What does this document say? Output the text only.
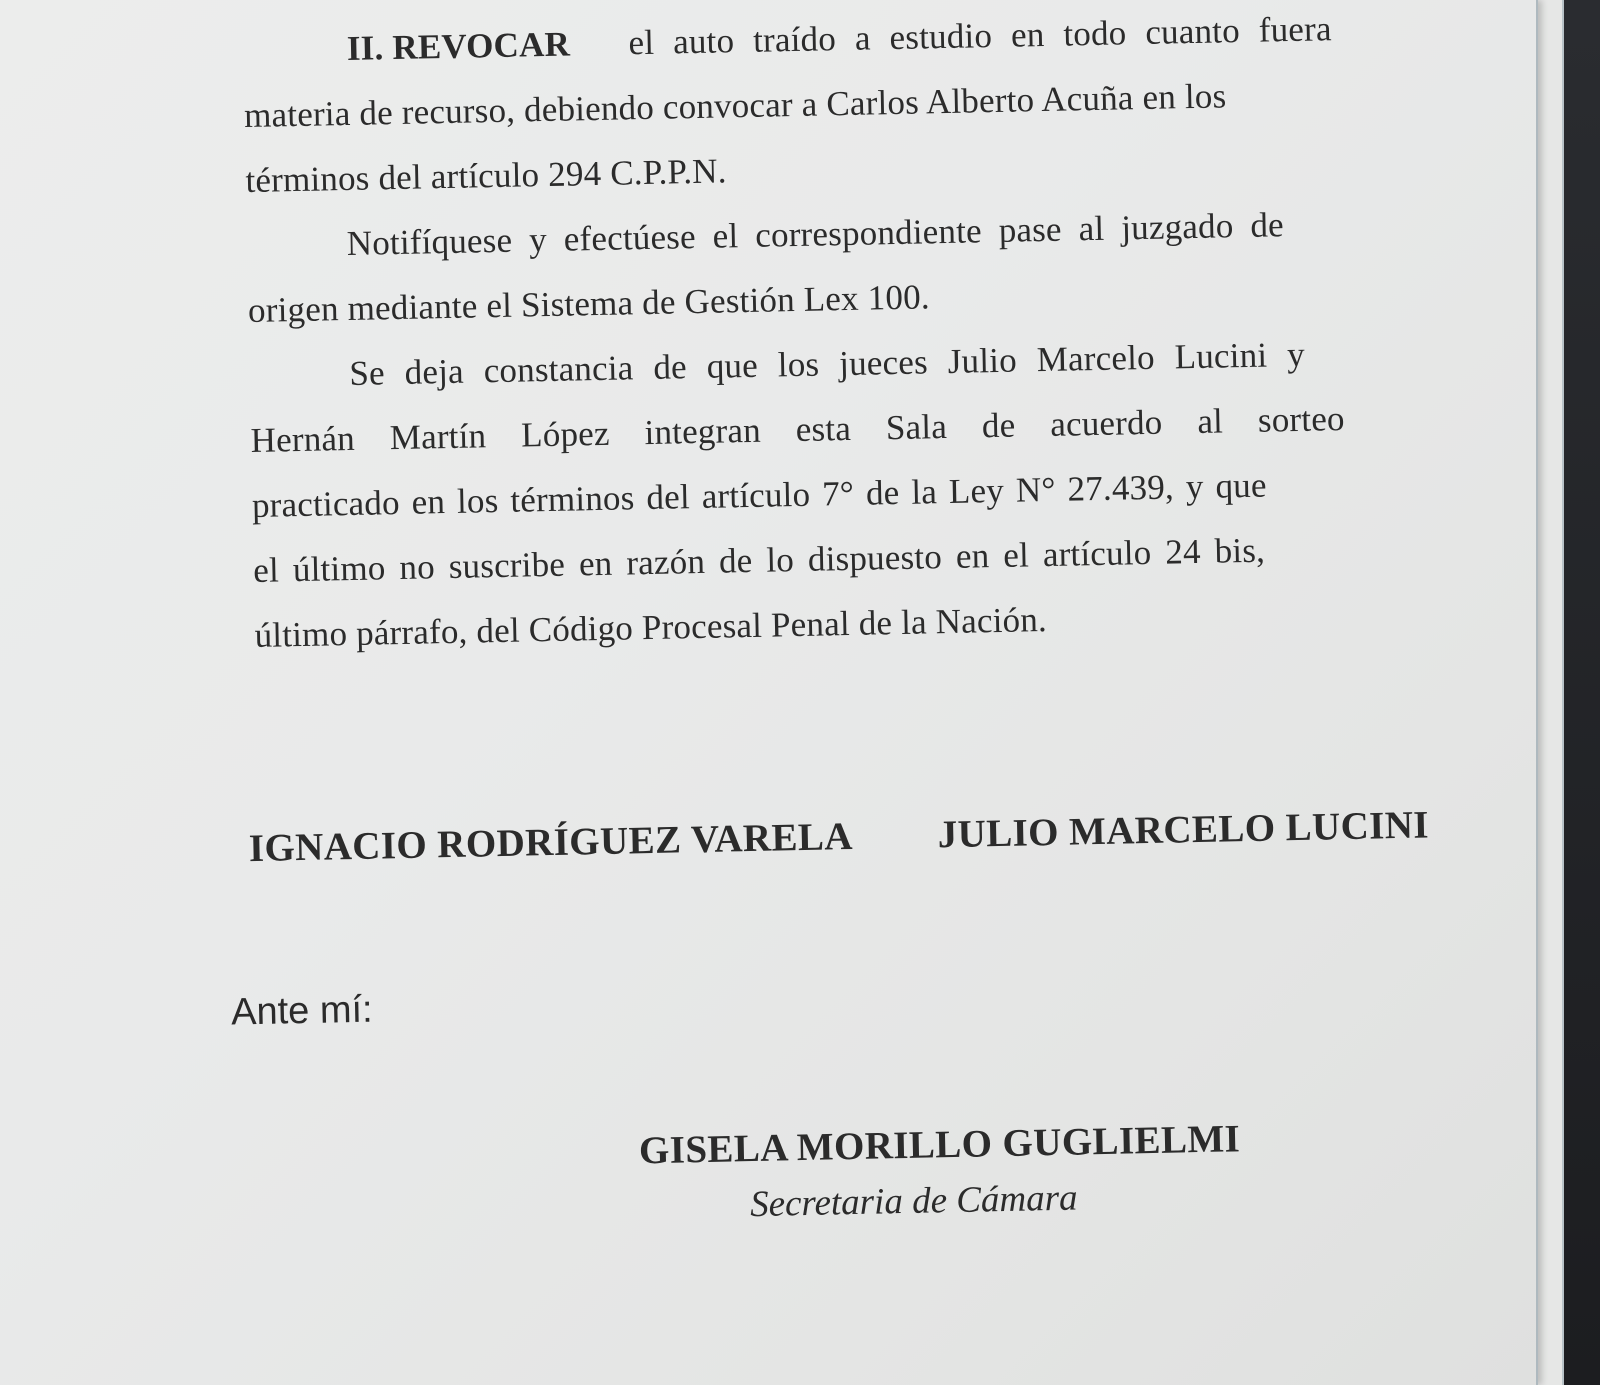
II. REVOCAR el auto traído a estudio en todo cuanto fuera
materia de recurso, debiendo convocar a Carlos Alberto Acuña en los
términos del artículo 294 C.P.P.N.
Notifíquese y efectúese el correspondiente pase al juzgado de
origen mediante el Sistema de Gestión Lex 100.
Se deja constancia de que los jueces Julio Marcelo Lucini y
Hernán Martín López integran esta Sala de acuerdo al sorteo
practicado en los términos del artículo 7° de la Ley N° 27.439, y que
el último no suscribe en razón de lo dispuesto en el artículo 24 bis,
último párrafo, del Código Procesal Penal de la Nación.
IGNACIO RODRÍGUEZ VARELA JULIO MARCELO LUCINI
Ante mí:
GISELA MORILLO GUGLIELMI
Secretaria de Cámara
